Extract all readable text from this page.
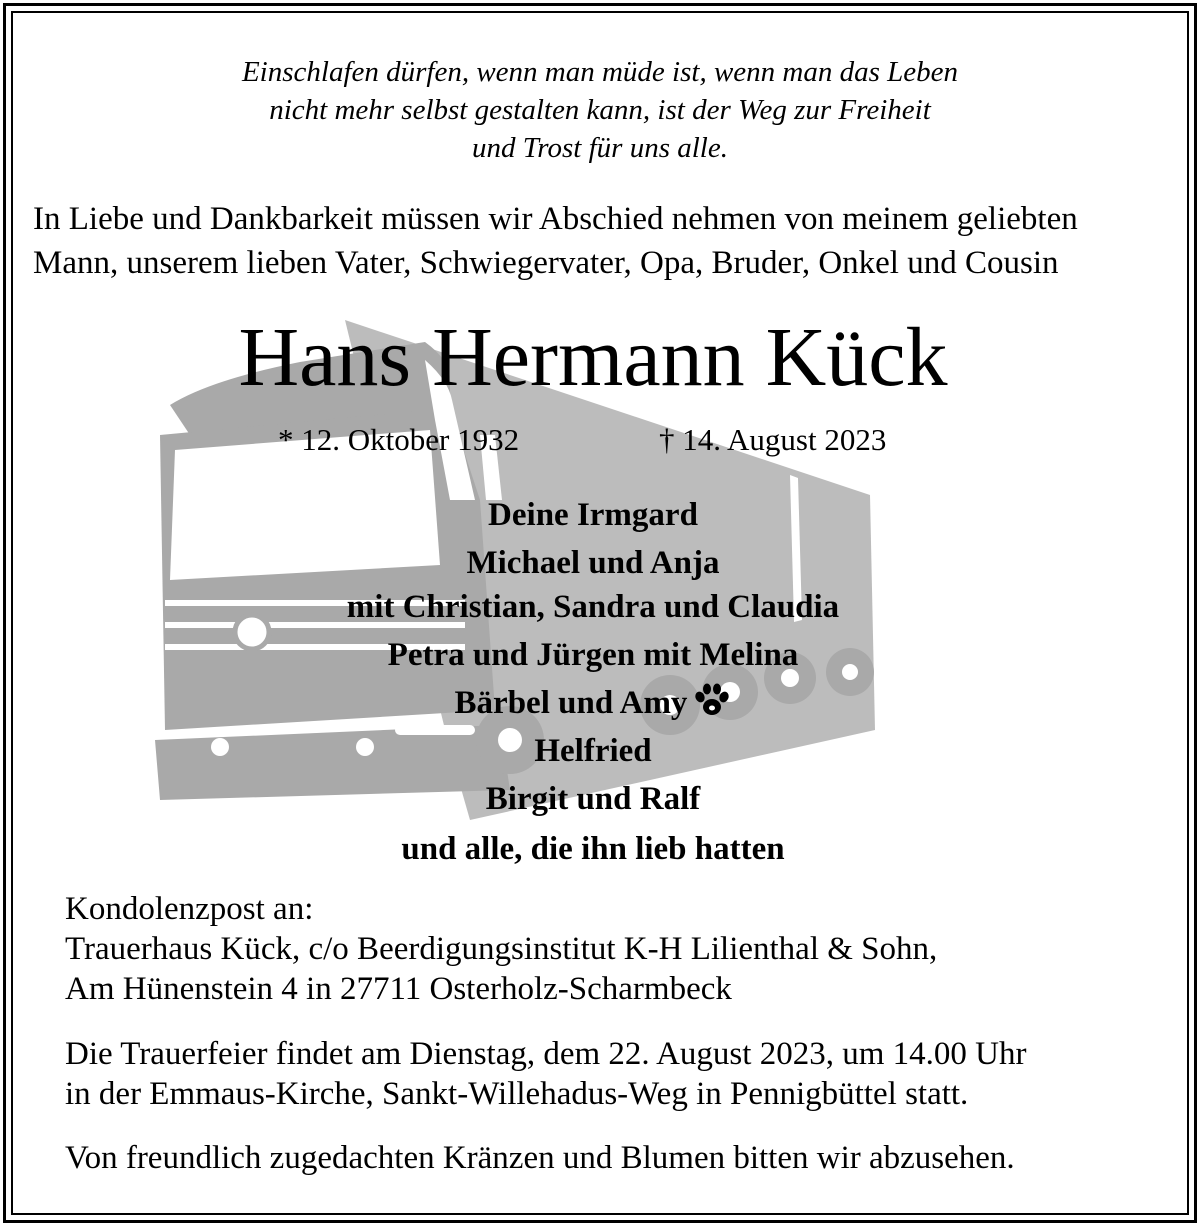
Einschlafen dürfen, wenn man müde ist, wenn man das Leben
nicht mehr selbst gestalten kann, ist der Weg zur Freiheit
und Trost für uns alle.
In Liebe und Dankbarkeit müssen wir Abschied nehmen von meinem geliebten
Mann, unserem lieben Vater, Schwiegervater, Opa, Bruder, Onkel und Cousin
Hans Hermann Kück
* 12. Oktober 1932	† 14. August 2023
Deine Irmgard
Michael und Anja
mit Christian, Sandra und Claudia
Petra und Jürgen mit Melina
Bärbel und Amy
Helfried
Birgit und Ralf
und alle, die ihn lieb hatten
Kondolenzpost an:
Trauerhaus Kück, c/o Beerdigungsinstitut K-H Lilienthal & Sohn,
Am Hünenstein 4 in 27711 Osterholz-Scharmbeck
Die Trauerfeier findet am Dienstag, dem 22. August 2023, um 14.00 Uhr
in der Emmaus-Kirche, Sankt-Willehadus-Weg in Pennigbüttel statt.
Von freundlich zugedachten Kränzen und Blumen bitten wir abzusehen.
